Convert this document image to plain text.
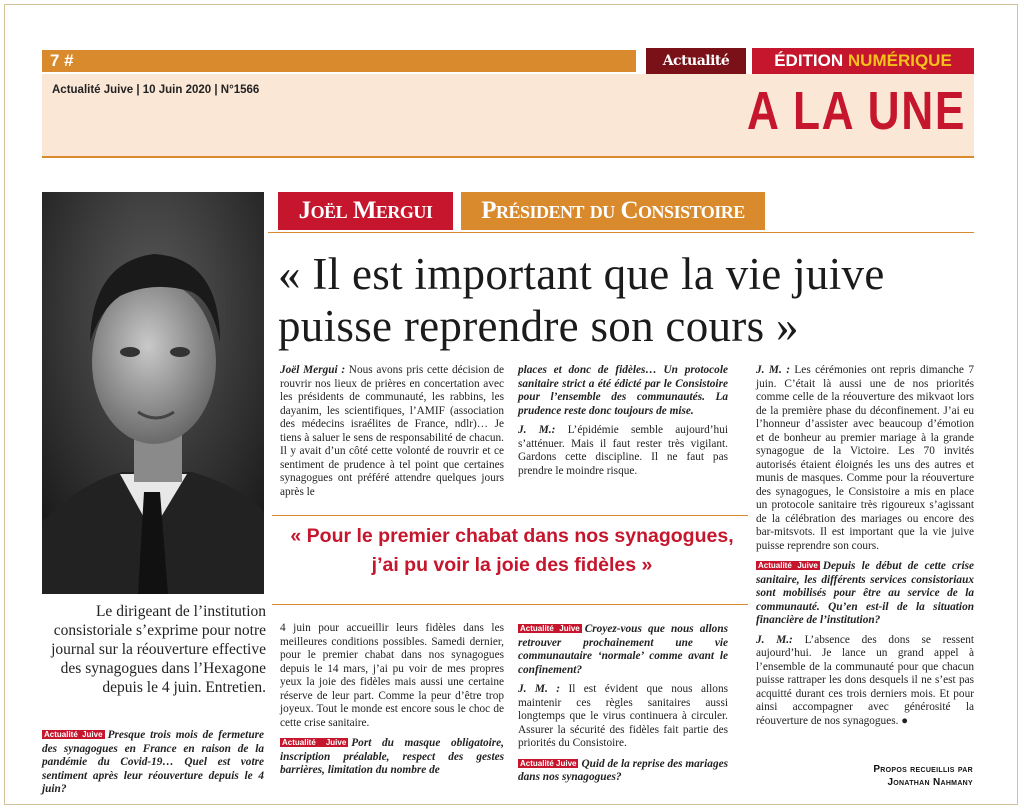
7 #	Actualité	ÉDITION NUMÉRIQUE
Actualité Juive | 10 Juin 2020 | N°1566	A LA UNE
Le dirigeant de l’institution consistoriale s’exprime pour notre journal sur la réouverture effective des synagogues dans l’Hexagone depuis le 4 juin. Entretien.
Joël Mergui	Président du Consistoire
« Il est important que la vie juive
puisse reprendre son cours »
Actualité Juive Presque trois mois de fermeture des synagogues en France en raison de la pandémie du Covid-19… Quel est votre sentiment après leur réouverture depuis le 4 juin?

Joël Mergui : Nous avons pris cette décision de rouvrir nos lieux de prières en concertation avec les présidents de communauté, les rabbins, les dayanim, les scientifiques, l’AMIF (association des médecins israélites de France, ndlr)… Je tiens à saluer le sens de responsabilité de chacun. Il y avait d’un côté cette volonté de rouvrir et ce sentiment de prudence à tel point que certaines synagogues ont préféré attendre quelques jours après le

places et donc de fidèles… Un protocole sanitaire strict a été édicté par le Consistoire pour l’ensemble des communautés. La prudence reste donc toujours de mise.

J. M.: L’épidémie semble aujourd’hui s’atténuer. Mais il faut rester très vigilant. Gardons cette discipline. Il ne faut pas prendre le moindre risque.

« Pour le premier chabat dans nos synagogues, j’ai pu voir la joie des fidèles »

4 juin pour accueillir leurs fidèles dans les meilleures conditions possibles. Samedi dernier, pour le premier chabat dans nos synagogues depuis le 14 mars, j’ai pu voir de mes propres yeux la joie des fidèles mais aussi une certaine réserve de leur part. Comme la peur d’être trop joyeux. Tout le monde est encore sous le choc de cette crise sanitaire.

Actualité Juive Port du masque obligatoire, inscription préalable, respect des gestes barrières, limitation du nombre de

Actualité Juive Croyez-vous que nous allons retrouver prochainement une vie communautaire ‘normale’ comme avant le confinement?

J. M. : Il est évident que nous allons maintenir ces règles sanitaires aussi longtemps que le virus continuera à circuler. Assurer la sécurité des fidèles fait partie des priorités du Consistoire.

Actualité Juive Quid de la reprise des mariages dans nos synagogues?

J. M. : Les cérémonies ont repris dimanche 7 juin. C’était là aussi une de nos priorités comme celle de la réouverture des mikvaot lors de la première phase du déconfinement. J’ai eu l’honneur d’assister avec beaucoup d’émotion et de bonheur au premier mariage à la grande synagogue de la Victoire. Les 70 invités autorisés étaient éloignés les uns des autres et munis de masques. Comme pour la réouverture des synagogues, le Consistoire a mis en place un protocole sanitaire très rigoureux s’agissant de la célébration des mariages ou encore des bar-mitsvots. Il est important que la vie juive puisse reprendre son cours.

Actualité Juive Depuis le début de cette crise sanitaire, les différents services consistoriaux sont mobilisés pour être au service de la communauté. Qu’en est-il de la situation financière de l’institution?

J. M.: L’absence des dons se ressent aujourd’hui. Je lance un grand appel à l’ensemble de la communauté pour que chacun puisse rattraper les dons desquels il ne s’est pas acquitté durant ces trois derniers mois. Et pour ainsi accompagner avec générosité la réouverture de nos synagogues. ●

Propos recueillis par
Jonathan Nahmany
